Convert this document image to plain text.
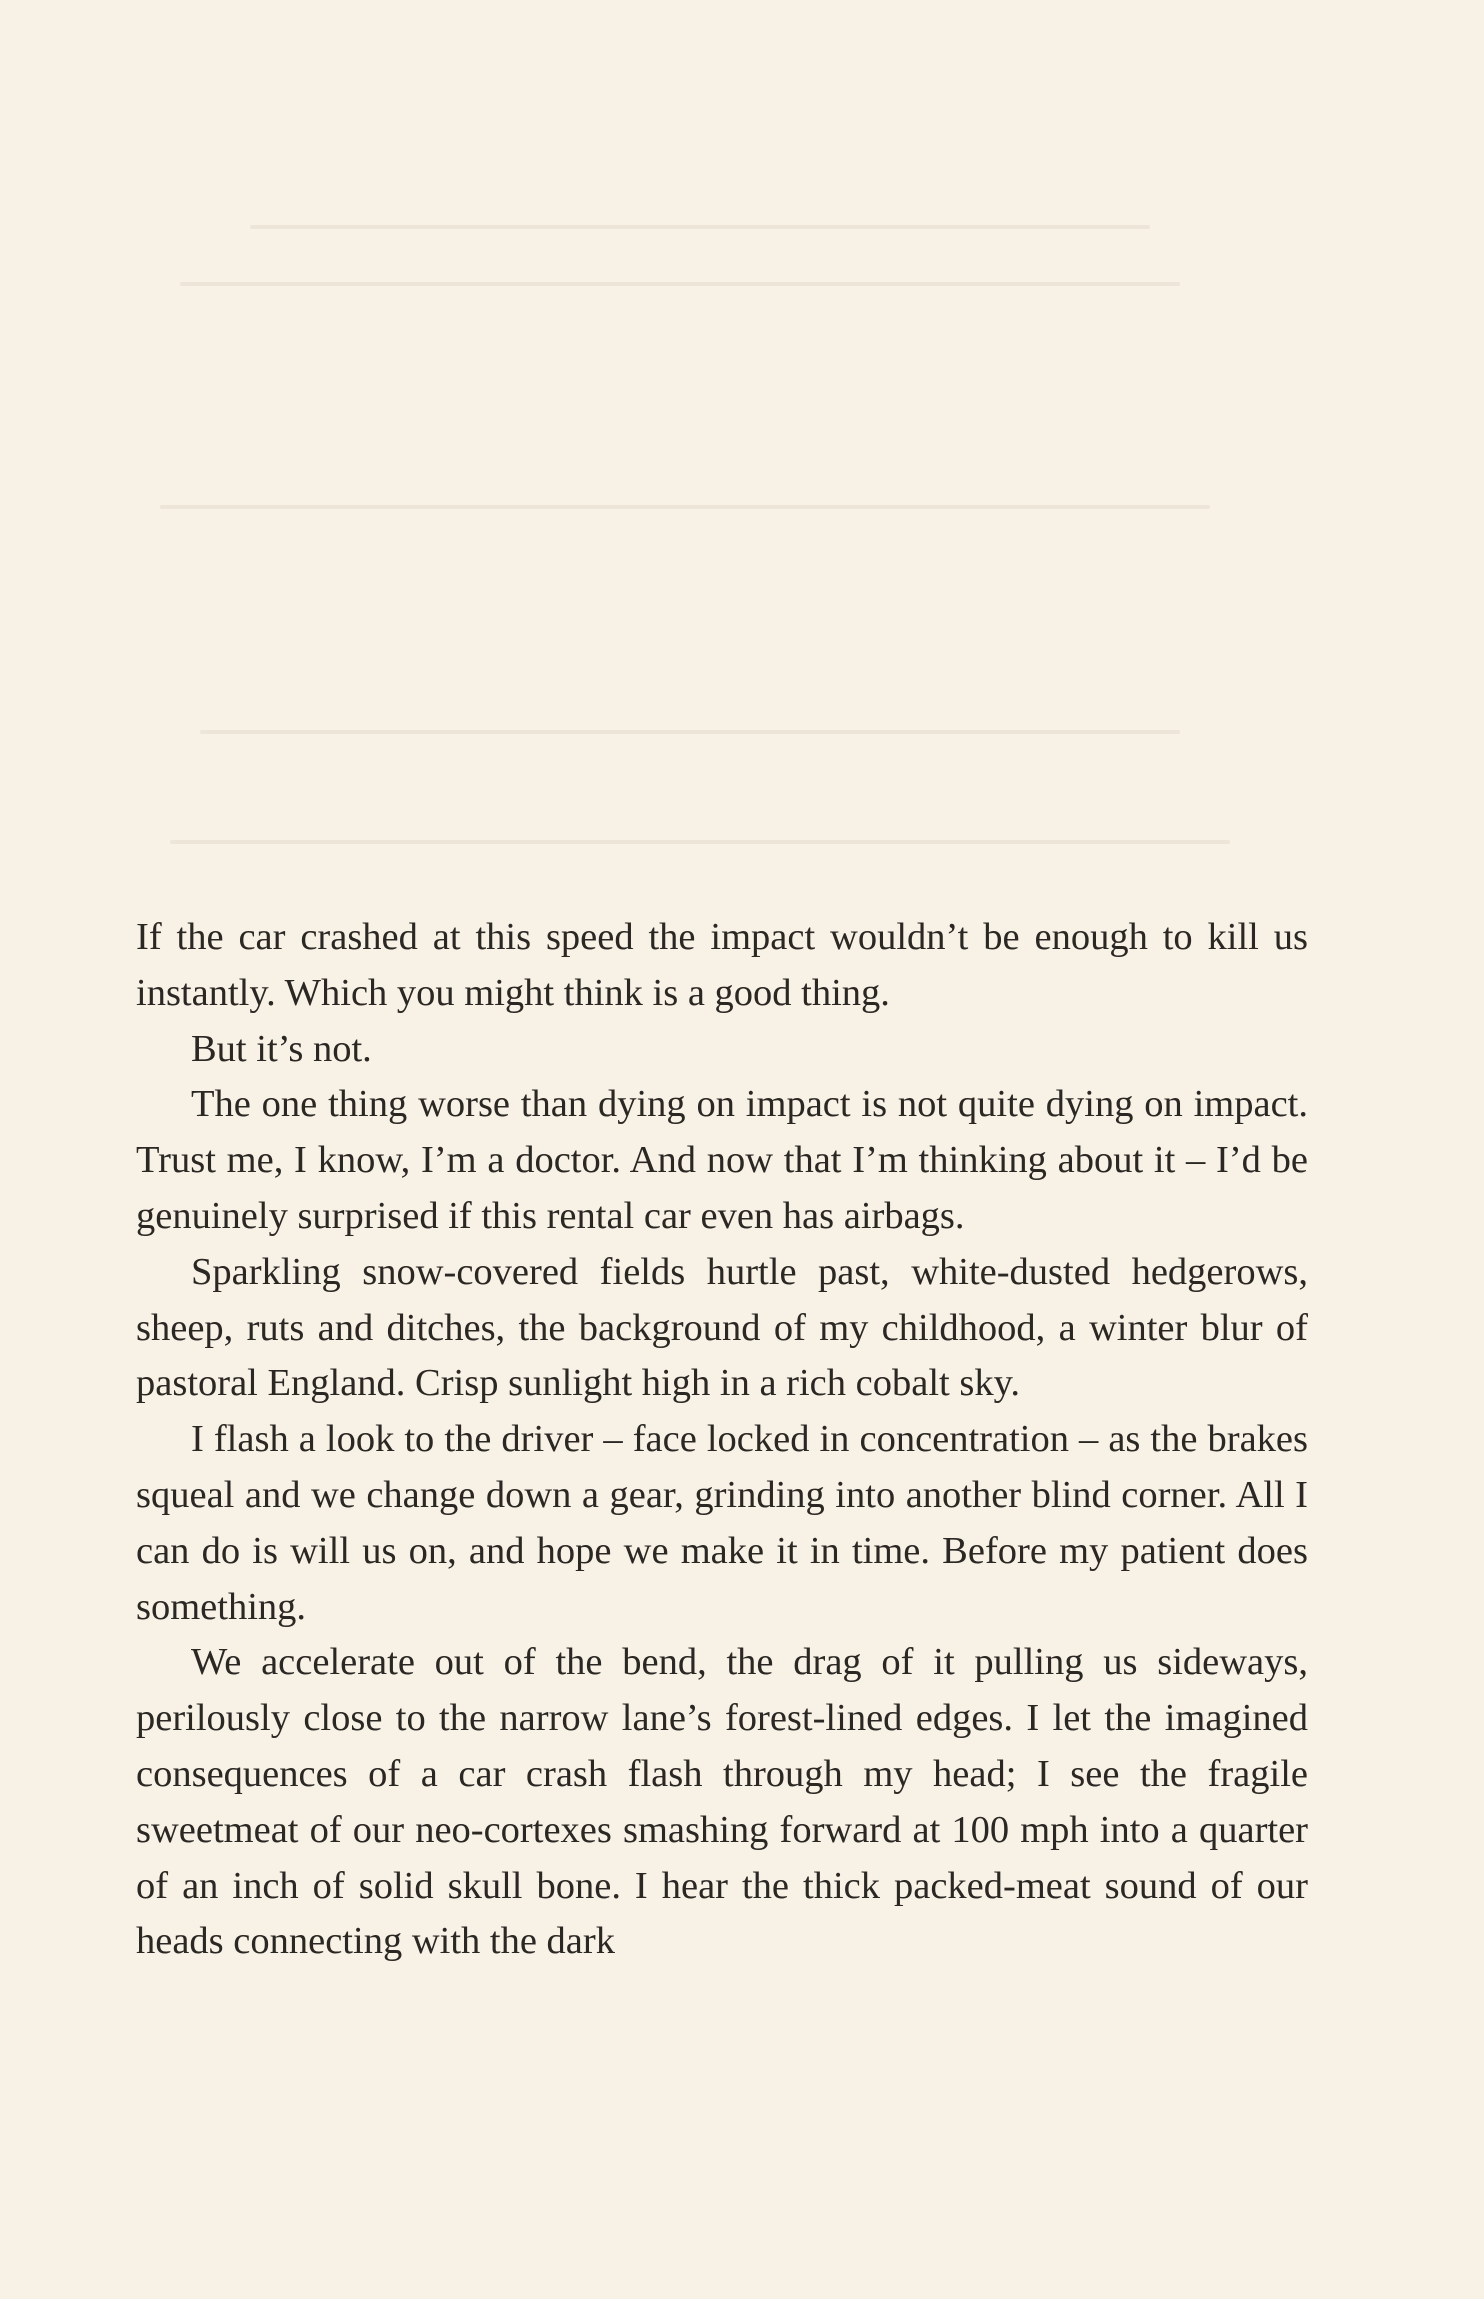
If the car crashed at this speed the impact wouldn’t be enough to kill us instantly. Which you might think is a good thing.

But it’s not.

The one thing worse than dying on impact is not quite dying on impact. Trust me, I know, I’m a doctor. And now that I’m thinking about it – I’d be genuinely surprised if this rental car even has airbags.

Sparkling snow-covered fields hurtle past, white-dusted hedgerows, sheep, ruts and ditches, the background of my childhood, a winter blur of pastoral England. Crisp sunlight high in a rich cobalt sky.

I flash a look to the driver – face locked in concentration – as the brakes squeal and we change down a gear, grinding into another blind corner. All I can do is will us on, and hope we make it in time. Before my patient does something.

We accelerate out of the bend, the drag of it pulling us sideways, perilously close to the narrow lane’s forest-lined edges. I let the imagined consequences of a car crash flash through my head; I see the fragile sweetmeat of our neo-cortexes smashing forward at 100 mph into a quarter of an inch of solid skull bone. I hear the thick packed-meat sound of our heads connecting with the dark
